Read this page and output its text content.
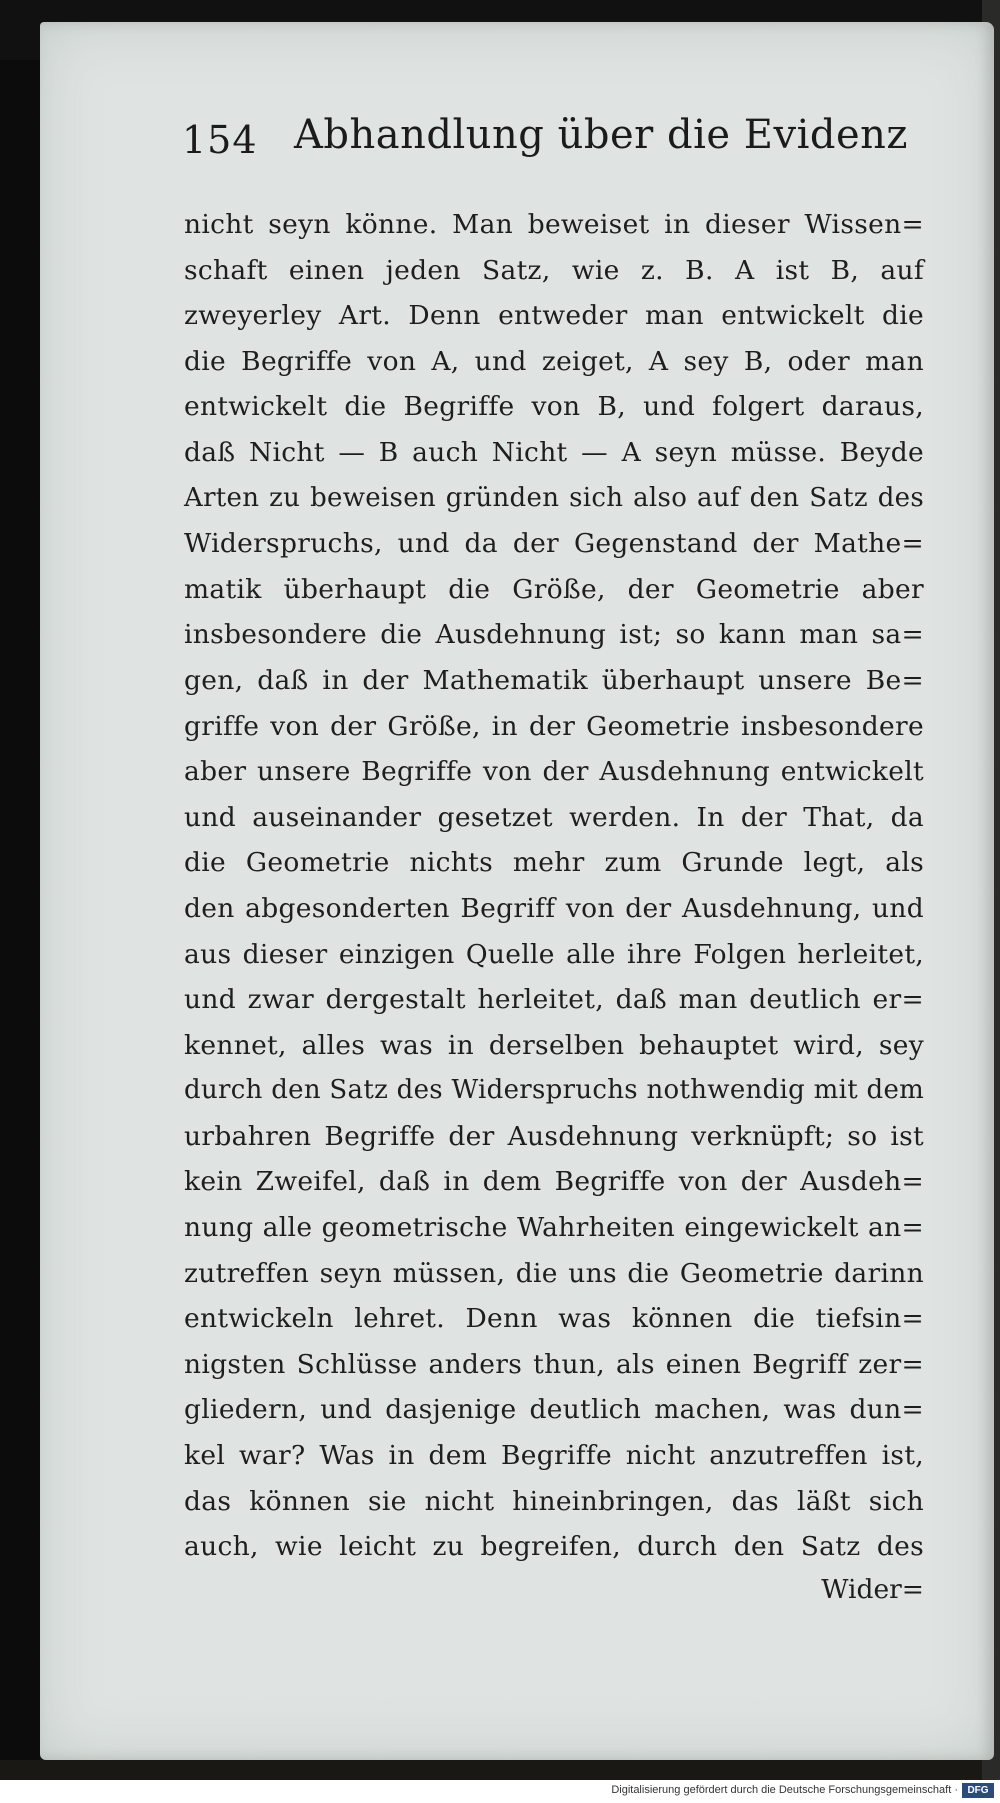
154 Abhandlung über die Evidenz
nicht seyn könne. Man beweiset in dieser Wissen=
schaft einen jeden Satz, wie z. B. A ist B, auf
zweyerley Art. Denn entweder man entwickelt die
die Begriffe von A, und zeiget, A sey B, oder man
entwickelt die Begriffe von B, und folgert daraus,
daß Nicht — B auch Nicht — A seyn müsse. Beyde
Arten zu beweisen gründen sich also auf den Satz des
Widerspruchs, und da der Gegenstand der Mathe=
matik überhaupt die Größe, der Geometrie aber
insbesondere die Ausdehnung ist; so kann man sa=
gen, daß in der Mathematik überhaupt unsere Be=
griffe von der Größe, in der Geometrie insbesondere
aber unsere Begriffe von der Ausdehnung entwickelt
und auseinander gesetzet werden. In der That, da
die Geometrie nichts mehr zum Grunde legt, als
den abgesonderten Begriff von der Ausdehnung, und
aus dieser einzigen Quelle alle ihre Folgen herleitet,
und zwar dergestalt herleitet, daß man deutlich er=
kennet, alles was in derselben behauptet wird, sey
durch den Satz des Widerspruchs nothwendig mit dem
urbahren Begriffe der Ausdehnung verknüpft; so ist
kein Zweifel, daß in dem Begriffe von der Ausdeh=
nung alle geometrische Wahrheiten eingewickelt an=
zutreffen seyn müssen, die uns die Geometrie darinn
entwickeln lehret. Denn was können die tiefsin=
nigsten Schlüsse anders thun, als einen Begriff zer=
gliedern, und dasjenige deutlich machen, was dun=
kel war? Was in dem Begriffe nicht anzutreffen ist,
das können sie nicht hineinbringen, das läßt sich
auch, wie leicht zu begreifen, durch den Satz des
Wider=
Digitalisierung gefördert durch die Deutsche Forschungsgemeinschaft · DFG
